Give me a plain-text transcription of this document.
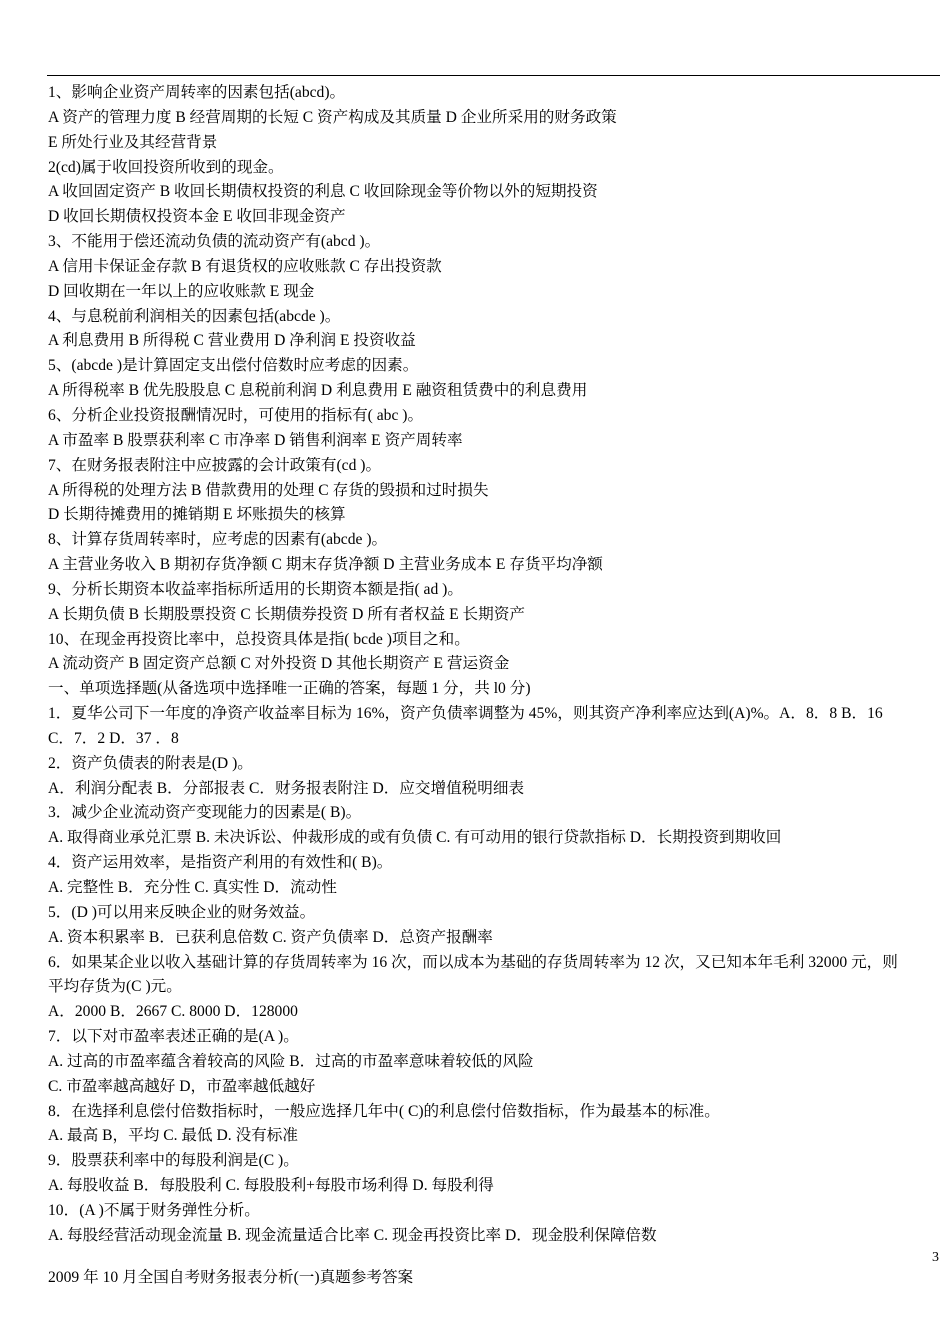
1、影响企业资产周转率的因素包括(abcd)。
A 资产的管理力度 B 经营周期的长短 C 资产构成及其质量 D 企业所采用的财务政策
E 所处行业及其经营背景
2(cd)属于收回投资所收到的现金。
A 收回固定资产 B 收回长期债权投资的利息 C 收回除现金等价物以外的短期投资
D 收回长期债权投资本金 E 收回非现金资产
3、不能用于偿还流动负债的流动资产有(abcd )。
A 信用卡保证金存款 B 有退货权的应收账款 C 存出投资款
D 回收期在一年以上的应收账款 E 现金
4、与息税前利润相关的因素包括(abcde )。
A 利息费用 B 所得税 C 营业费用 D 净利润 E 投资收益
5、(abcde )是计算固定支出偿付倍数时应考虑的因素。
A 所得税率 B 优先股股息 C 息税前利润 D 利息费用 E 融资租赁费中的利息费用
6、分析企业投资报酬情况时，可使用的指标有( abc )。
A 市盈率 B 股票获利率 C 市净率 D 销售利润率 E 资产周转率
7、在财务报表附注中应披露的会计政策有(cd )。
A 所得税的处理方法 B 借款费用的处理 C 存货的毁损和过时损失
D 长期待摊费用的摊销期 E 坏账损失的核算
8、计算存货周转率时，应考虑的因素有(abcde )。
A 主营业务收入 B 期初存货净额 C 期末存货净额 D 主营业务成本 E 存货平均净额
9、分析长期资本收益率指标所适用的长期资本额是指( ad )。
A 长期负债 B 长期股票投资 C 长期债券投资 D 所有者权益 E 长期资产
10、在现金再投资比率中，总投资具体是指( bcde )项目之和。
A 流动资产 B 固定资产总额 C 对外投资 D 其他长期资产 E 营运资金
一、单项选择题(从备选项中选择唯一正确的答案，每题 1 分，共 l0 分)
1．夏华公司下一年度的净资产收益率目标为 16%，资产负债率调整为 45%，则其资产净利率应达到(A)%。A．8．8 B．16
C．7．2 D．37 ．8
2．资产负债表的附表是(D )。
A．利润分配表 B．分部报表 C．财务报表附注 D．应交增值税明细表
3．减少企业流动资产变现能力的因素是( B)。
A. 取得商业承兑汇票 B. 未决诉讼、仲裁形成的或有负债 C. 有可动用的银行贷款指标 D．长期投资到期收回
4．资产运用效率，是指资产利用的有效性和( B)。
A. 完整性 B．充分性 C. 真实性 D．流动性
5．(D )可以用来反映企业的财务效益。
A. 资本积累率 B．已获利息倍数 C. 资产负债率 D．总资产报酬率
6．如果某企业以收入基础计算的存货周转率为 16 次，而以成本为基础的存货周转率为 12 次，又已知本年毛利 32000 元，则
平均存货为(C )元。
A．2000 B．2667 C. 8000 D．128000
7．以下对市盈率表述正确的是(A )。
A. 过高的市盈率蕴含着较高的风险 B．过高的市盈率意味着较低的风险
C. 市盈率越高越好 D，市盈率越低越好
8．在选择利息偿付倍数指标时，一般应选择几年中( C)的利息偿付倍数指标，作为最基本的标准。
A. 最高 B，平均 C. 最低 D. 没有标准
9．股票获利率中的每股利润是(C )。
A. 每股收益 B．每股股利 C. 每股股利+每股市场利得 D. 每股利得
10．(A )不属于财务弹性分析。
A. 每股经营活动现金流量 B. 现金流量适合比率 C. 现金再投资比率 D．现金股利保障倍数
3
2009 年 10 月全国自考财务报表分析(一)真题参考答案
